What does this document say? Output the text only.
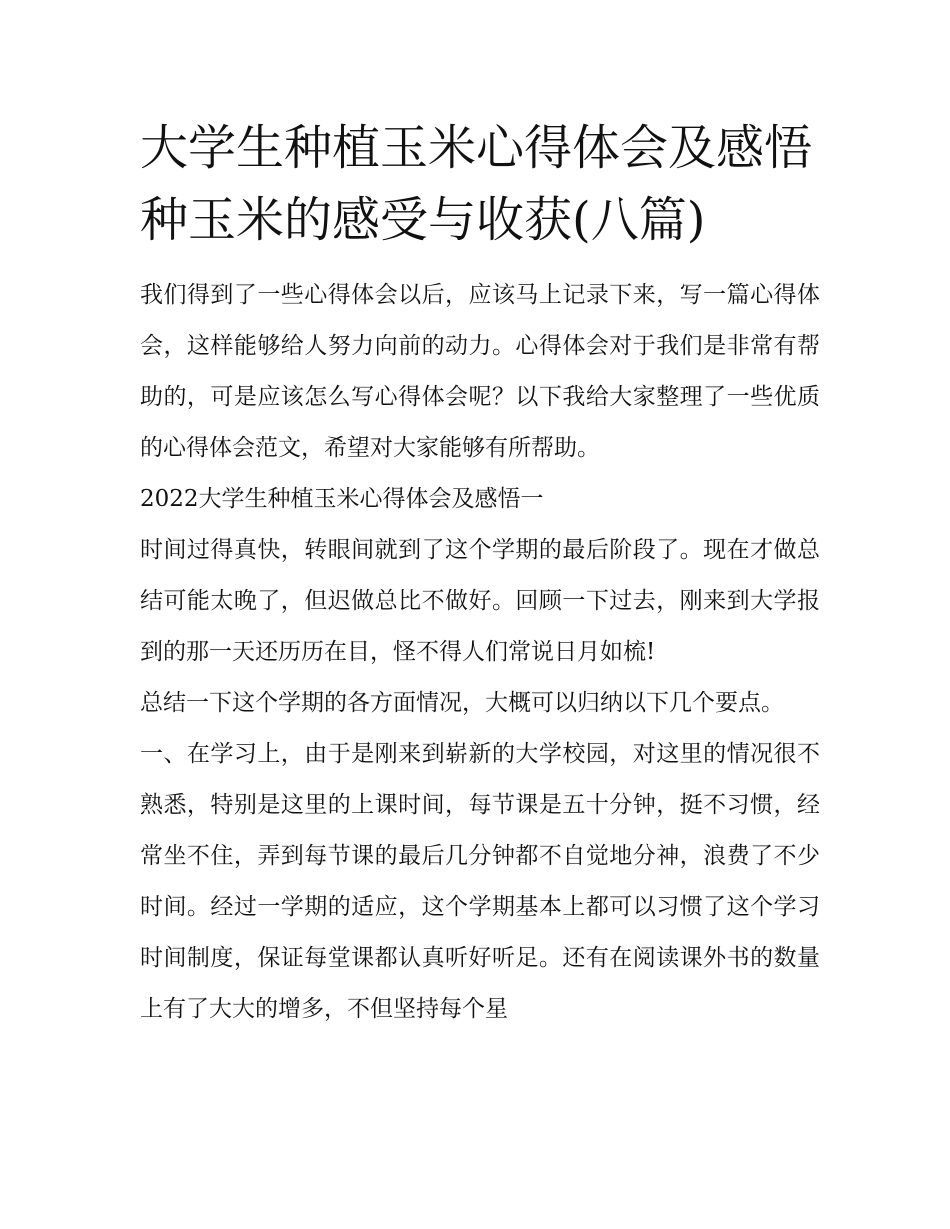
大学生种植玉米心得体会及感悟 种玉米的感受与收获(八篇)

我们得到了一些心得体会以后，应该马上记录下来，写一篇心得体会，这样能够给人努力向前的动力。心得体会对于我们是非常有帮助的，可是应该怎么写心得体会呢？以下我给大家整理了一些优质的心得体会范文，希望对大家能够有所帮助。

2022大学生种植玉米心得体会及感悟一

时间过得真快，转眼间就到了这个学期的最后阶段了。现在才做总结可能太晚了，但迟做总比不做好。回顾一下过去，刚来到大学报到的那一天还历历在目，怪不得人们常说日月如梳!

总结一下这个学期的各方面情况，大概可以归纳以下几个要点。

一、在学习上，由于是刚来到崭新的大学校园，对这里的情况很不熟悉，特别是这里的上课时间，每节课是五十分钟，挺不习惯，经常坐不住，弄到每节课的最后几分钟都不自觉地分神，浪费了不少时间。经过一学期的适应，这个学期基本上都可以习惯了这个学习时间制度，保证每堂课都认真听好听足。还有在阅读课外书的数量上有了大大的增多，不但坚持每个星
